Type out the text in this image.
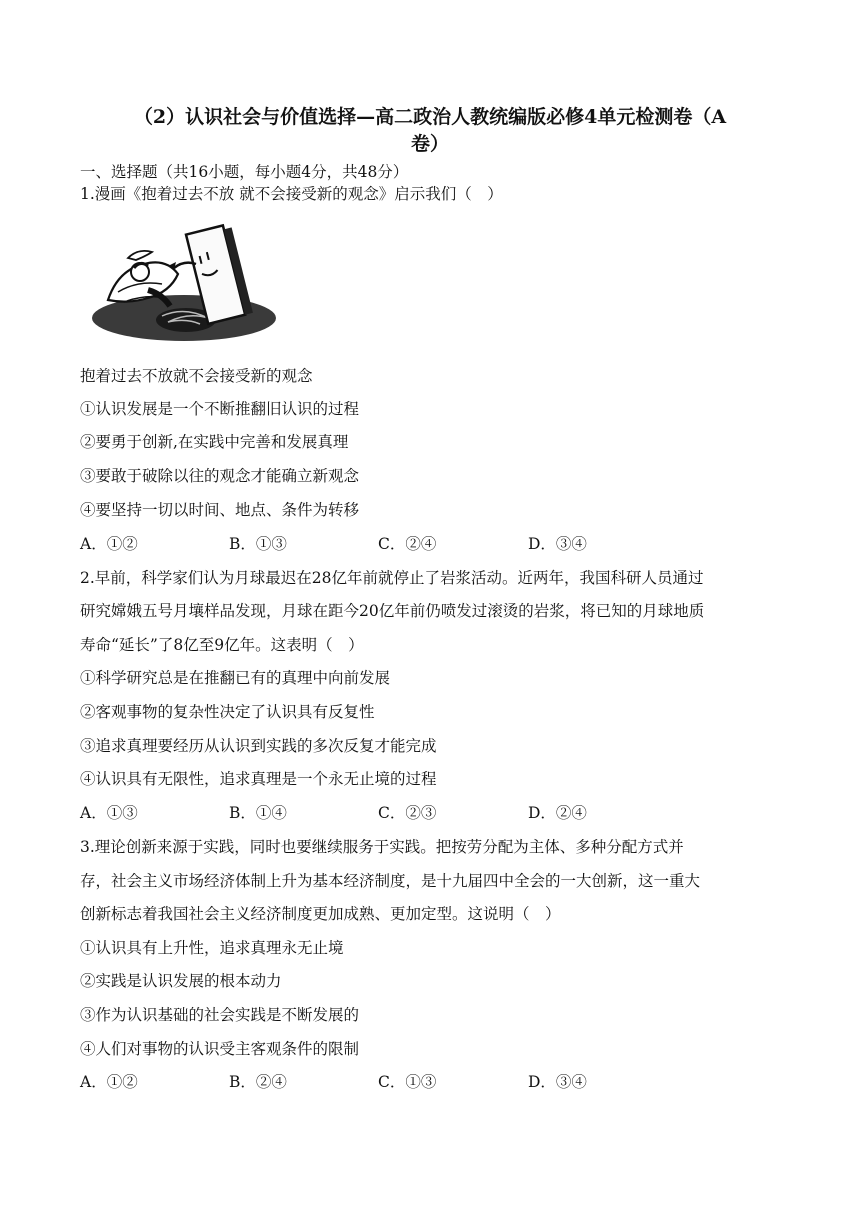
（2）认识社会与价值选择—高二政治人教统编版必修4单元检测卷（A
卷）
一、选择题（共16小题，每小题4分，共48分）
1.漫画《抱着过去不放 就不会接受新的观念》启示我们（　）
抱着过去不放就不会接受新的观念
①认识发展是一个不断推翻旧认识的过程
②要勇于创新,在实践中完善和发展真理
③要敢于破除以往的观念才能确立新观念
④要坚持一切以时间、地点、条件为转移
A．①②	B．①③	C．②④	D．③④
2.早前，科学家们认为月球最迟在28亿年前就停止了岩浆活动。近两年，我国科研人员通过
研究嫦娥五号月壤样品发现，月球在距今20亿年前仍喷发过滚烫的岩浆，将已知的月球地质
寿命“延长”了8亿至9亿年。这表明（　）
①科学研究总是在推翻已有的真理中向前发展
②客观事物的复杂性决定了认识具有反复性
③追求真理要经历从认识到实践的多次反复才能完成
④认识具有无限性，追求真理是一个永无止境的过程
A．①③	B．①④	C．②③	D．②④
3.理论创新来源于实践，同时也要继续服务于实践。把按劳分配为主体、多种分配方式并
存，社会主义市场经济体制上升为基本经济制度，是十九届四中全会的一大创新，这一重大
创新标志着我国社会主义经济制度更加成熟、更加定型。这说明（　）
①认识具有上升性，追求真理永无止境
②实践是认识发展的根本动力
③作为认识基础的社会实践是不断发展的
④人们对事物的认识受主客观条件的限制
A．①②	B．②④	C．①③	D．③④
